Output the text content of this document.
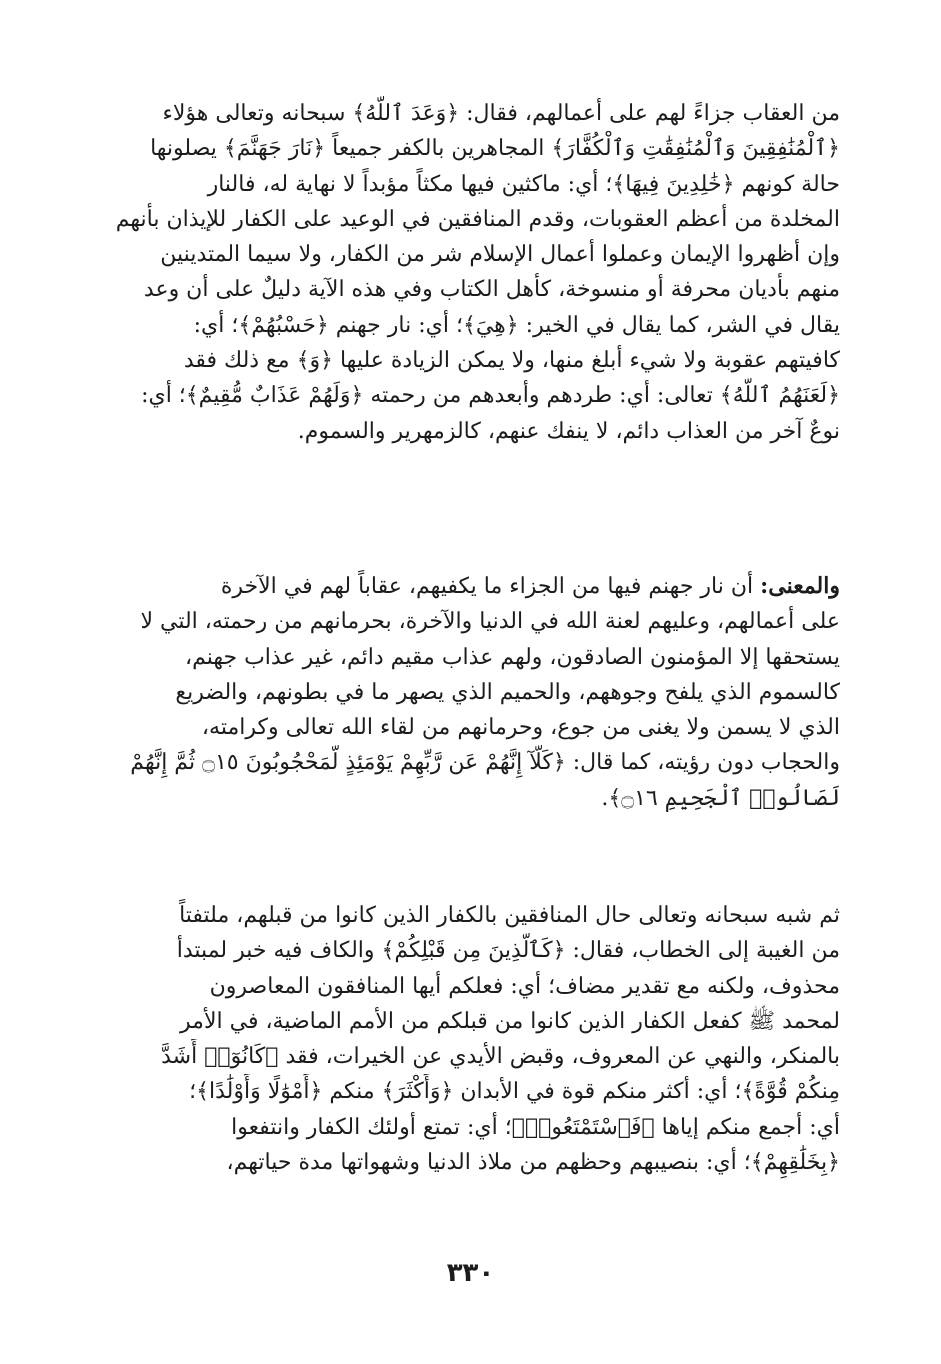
من العقاب جزاءً لهم على أعمالهم، فقال: ﴿وَعَدَ ٱللَّهُ﴾ سبحانه وتعالى هؤلاء
﴿ٱلْمُنَٰفِقِينَ وَٱلْمُنَٰفِقَٰتِ وَٱلْكُفَّارَ﴾ المجاهرين بالكفر جميعاً ﴿نَارَ جَهَنَّمَ﴾ يصلونها
حالة كونهم ﴿خَٰلِدِينَ فِيهَا﴾؛ أي: ماكثين فيها مكثاً مؤبداً لا نهاية له، فالنار
المخلدة من أعظم العقوبات، وقدم المنافقين في الوعيد على الكفار للإيذان بأنهم
وإن أظهروا الإيمان وعملوا أعمال الإسلام شر من الكفار، ولا سيما المتدينين
منهم بأديان محرفة أو منسوخة، كأهل الكتاب وفي هذه الآية دليلٌ على أن وعد
يقال في الشر، كما يقال في الخير: ﴿هِيَ﴾؛ أي: نار جهنم ﴿حَسْبُهُمْ﴾؛ أي:
كافيتهم عقوبة ولا شيء أبلغ منها، ولا يمكن الزيادة عليها ﴿وَ﴾ مع ذلك فقد
﴿لَعَنَهُمُ ٱللَّهُ﴾ تعالى: أي: طردهم وأبعدهم من رحمته ﴿وَلَهُمْ عَذَابٌ مُّقِيمٌ﴾؛ أي:
نوعٌ آخر من العذاب دائم، لا ينفك عنهم، كالزمهرير والسموم.
والمعنى: أن نار جهنم فيها من الجزاء ما يكفيهم، عقاباً لهم في الآخرة
على أعمالهم، وعليهم لعنة الله في الدنيا والآخرة، بحرمانهم من رحمته، التي لا
يستحقها إلا المؤمنون الصادقون، ولهم عذاب مقيم دائم، غير عذاب جهنم،
كالسموم الذي يلفح وجوههم، والحميم الذي يصهر ما في بطونهم، والضريع
الذي لا يسمن ولا يغنى من جوع، وحرمانهم من لقاء الله تعالى وكرامته،
والحجاب دون رؤيته، كما قال: ﴿كَلَّآ إِنَّهُمْ عَن رَّبِّهِمْ يَوْمَئِذٍ لَّمَحْجُوبُونَ ۝١٥ ثُمَّ إِنَّهُمْ
لَصَالُوا۟ ٱلْجَحِيمِ ۝١٦﴾.
ثم شبه سبحانه وتعالى حال المنافقين بالكفار الذين كانوا من قبلهم، ملتفتاً
من الغيبة إلى الخطاب، فقال: ﴿كَٱلَّذِينَ مِن قَبْلِكُمْ﴾ والكاف فيه خبر لمبتدأ
محذوف، ولكنه مع تقدير مضاف؛ أي: فعلكم أيها المنافقون المعاصرون
لمحمد ﷺ كفعل الكفار الذين كانوا من قبلكم من الأمم الماضية، في الأمر
بالمنكر، والنهي عن المعروف، وقبض الأيدي عن الخيرات، فقد ﴿كَانُوٓا۟ أَشَدَّ
مِنكُمْ قُوَّةً﴾؛ أي: أكثر منكم قوة في الأبدان ﴿وَأَكْثَرَ﴾ منكم ﴿أَمْوَٰلًا وَأَوْلَٰدًا﴾؛
أي: أجمع منكم إياها ﴿فَٱسْتَمْتَعُوا۟﴾؛ أي: تمتع أولئك الكفار وانتفعوا
﴿بِخَلَٰقِهِمْ﴾؛ أي: بنصيبهم وحظهم من ملاذ الدنيا وشهواتها مدة حياتهم،
٣٣٠
